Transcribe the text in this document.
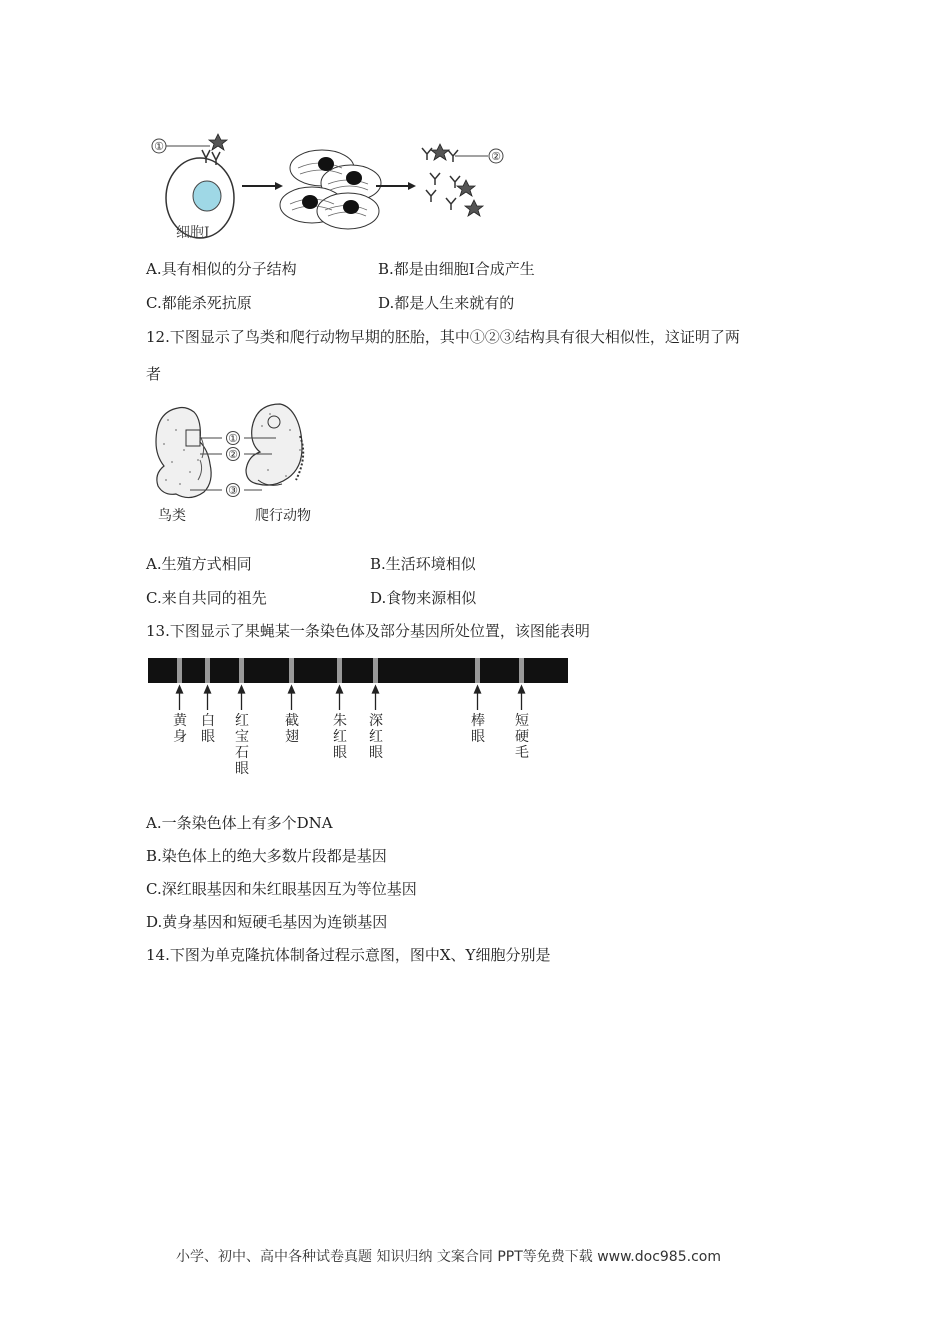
①
②
细胞Ⅰ
A.具有相似的分子结构	B.都是由细胞Ⅰ合成产生
C.都能杀死抗原	D.都是人生来就有的
12.下图显示了鸟类和爬行动物早期的胚胎，其中①②③结构具有很大相似性，这证明了两
者
①
②
③
鸟类	爬行动物
A.生殖方式相同	B.生活环境相似
C.来自共同的祖先	D.食物来源相似
13.下图显示了果蝇某一条染色体及部分基因所处位置，该图能表明
黄身
白眼
红宝石眼
截翅
朱红眼
深红眼
棒眼
短硬毛
A.一条染色体上有多个DNA
B.染色体上的绝大多数片段都是基因
C.深红眼基因和朱红眼基因互为等位基因
D.黄身基因和短硬毛基因为连锁基因
14.下图为单克隆抗体制备过程示意图，图中X、Y细胞分别是
小学、初中、高中各种试卷真题 知识归纳 文案合同 PPT等免费下载 www.doc985.com
